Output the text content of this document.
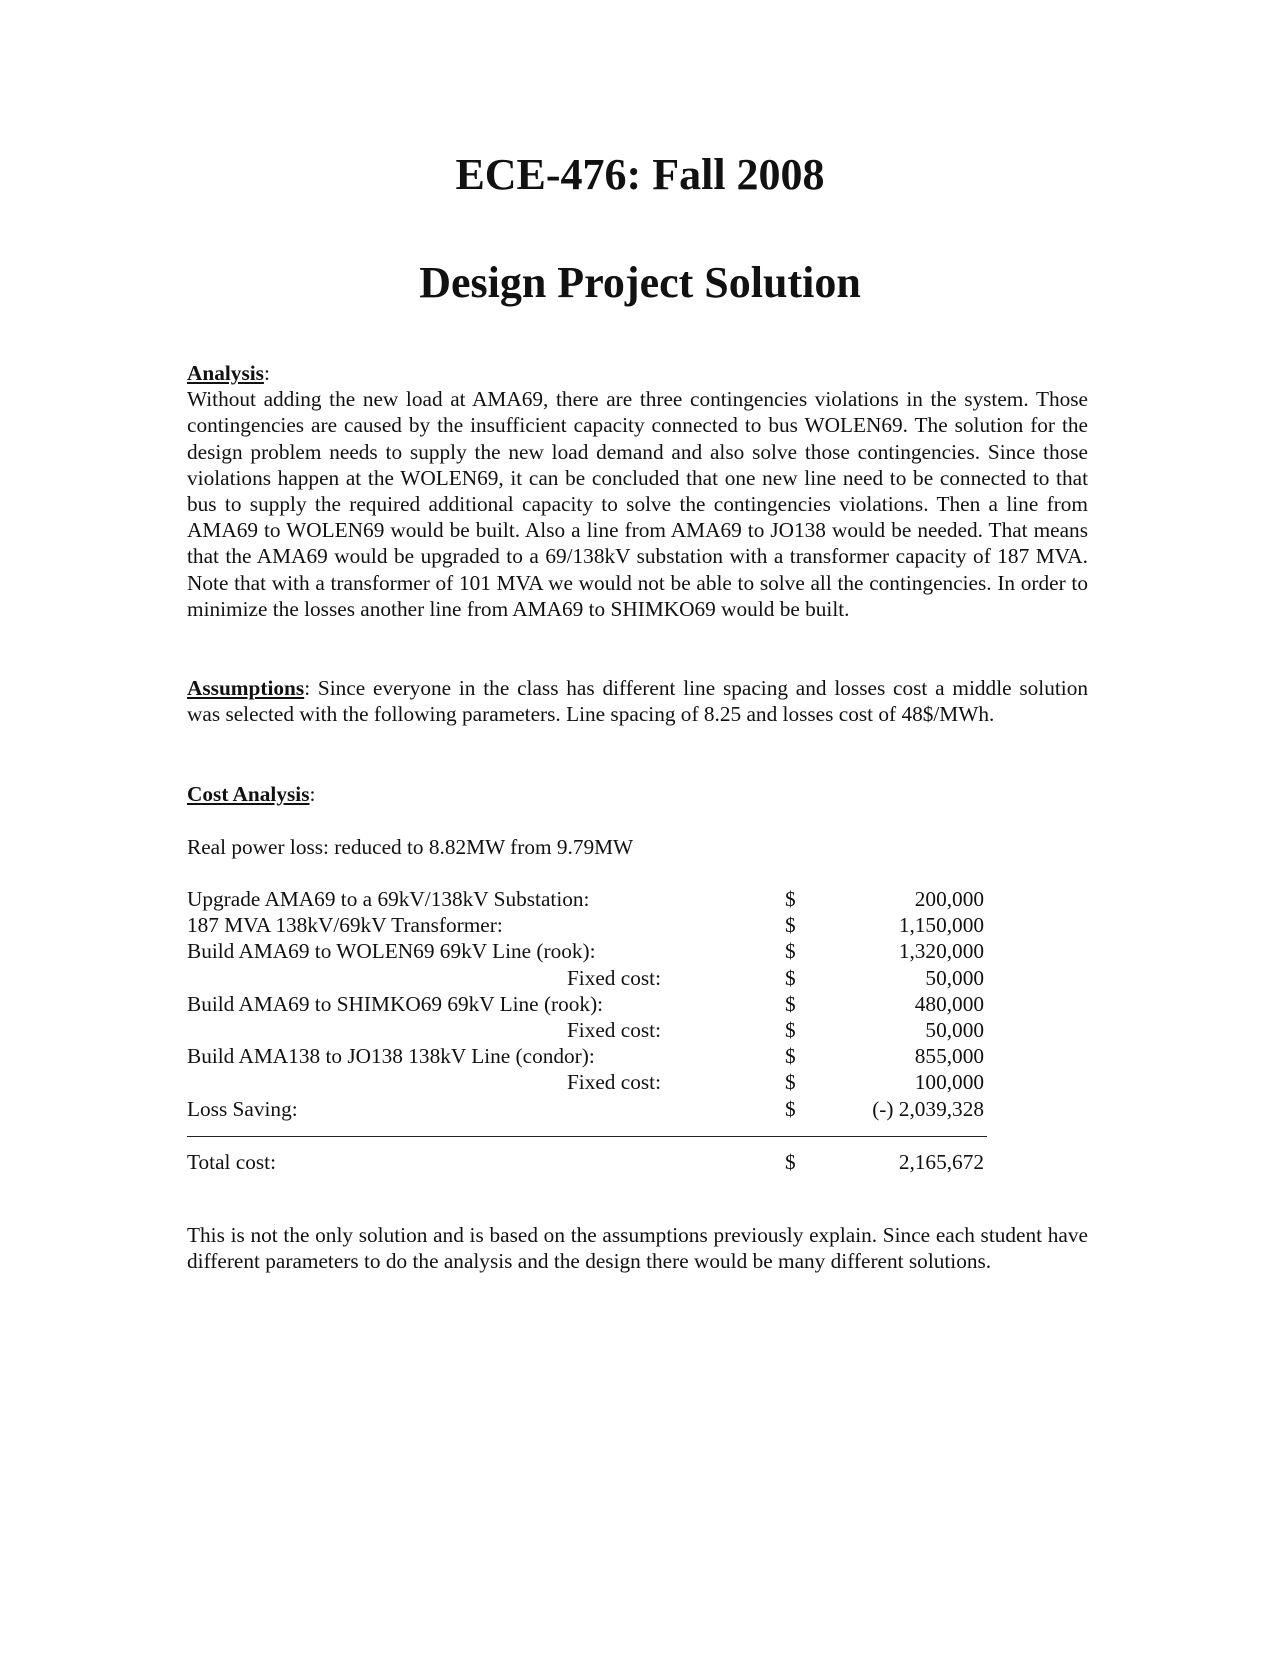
ECE-476: Fall 2008
Design Project Solution
Analysis:
Without adding the new load at AMA69, there are three contingencies violations in the system. Those contingencies are caused by the insufficient capacity connected to bus WOLEN69. The solution for the design problem needs to supply the new load demand and also solve those contingencies. Since those violations happen at the WOLEN69, it can be concluded that one new line need to be connected to that bus to supply the required additional capacity to solve the contingencies violations. Then a line from AMA69 to WOLEN69 would be built. Also a line from AMA69 to JO138 would be needed. That means that the AMA69 would be upgraded to a 69/138kV substation with a transformer capacity of 187 MVA. Note that with a transformer of 101 MVA we would not be able to solve all the contingencies. In order to minimize the losses another line from AMA69 to SHIMKO69 would be built.
Assumptions: Since everyone in the class has different line spacing and losses cost a middle solution was selected with the following parameters. Line spacing of 8.25 and losses cost of 48$/MWh.
Cost Analysis:
Real power loss: reduced to 8.82MW from 9.79MW
Upgrade AMA69 to a 69kV/138kV Substation:	$	200,000
187 MVA 138kV/69kV Transformer:	$	1,150,000
Build AMA69 to WOLEN69 69kV Line (rook):	$	1,320,000
Fixed cost:	$	50,000
Build AMA69 to SHIMKO69 69kV Line (rook):	$	480,000
Fixed cost:	$	50,000
Build AMA138 to JO138 138kV Line (condor):	$	855,000
Fixed cost:	$	100,000
Loss Saving:	$	(-) 2,039,328
Total cost:	$	2,165,672
This is not the only solution and is based on the assumptions previously explain. Since each student have different parameters to do the analysis and the design there would be many different solutions.
